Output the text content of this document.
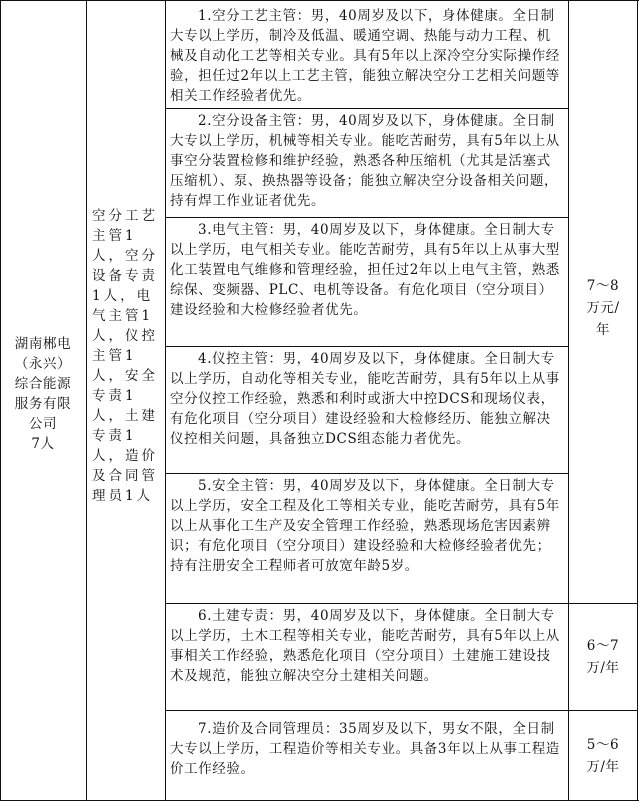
湖南郴电
（永兴）
综合能源
服务有限
公司
7人
空分工艺主管1人，空分设备专责1人，电气主管1人，仪控主管1人，安全专责1人，土建专责1人，造价及合同管理员1人
1.空分工艺主管：男，40周岁及以下，身体健康。全日制大专以上学历，制冷及低温、暖通空调、热能与动力工程、机械及自动化工艺等相关专业。具有5年以上深冷空分实际操作经验，担任过2年以上工艺主管，能独立解决空分工艺相关问题等相关工作经验者优先。
2.空分设备主管：男，40周岁及以下，身体健康。全日制大专以上学历，机械等相关专业。能吃苦耐劳，具有5年以上从事空分装置检修和维护经验，熟悉各种压缩机（尤其是活塞式压缩机）、泵、换热器等设备；能独立解决空分设备相关问题，持有焊工作业证者优先。
3.电气主管：男，40周岁及以下，身体健康。全日制大专以上学历，电气相关专业。能吃苦耐劳，具有5年以上从事大型化工装置电气维修和管理经验，担任过2年以上电气主管，熟悉综保、变频器、PLC、电机等设备。有危化项目（空分项目）建设经验和大检修经验者优先。
4.仪控主管：男，40周岁及以下，身体健康。全日制大专以上学历，自动化等相关专业，能吃苦耐劳，具有5年以上从事空分仪控工作经验，熟悉和利时或浙大中控DCS和现场仪表，有危化项目（空分项目）建设经验和大检修经历、能独立解决仪控相关问题，具备独立DCS组态能力者优先。
5.安全主管：男，40周岁及以下，身体健康。全日制大专以上学历，安全工程及化工等相关专业，能吃苦耐劳，具有5年以上从事化工生产及安全管理工作经验，熟悉现场危害因素辨识；有危化项目（空分项目）建设经验和大检修经验者优先；持有注册安全工程师者可放宽年龄5岁。
6.土建专责：男，40周岁及以下，身体健康。全日制大专以上学历，土木工程等相关专业，能吃苦耐劳，具有5年以上从事相关工作经验，熟悉危化项目（空分项目）土建施工建设技术及规范，能独立解决空分土建相关问题。
7.造价及合同管理员：35周岁及以下，男女不限，全日制大专以上学历，工程造价等相关专业。具备3年以上从事工程造价工作经验。
7～8
万元/
年
6～7
万/年
5～6
万/年
